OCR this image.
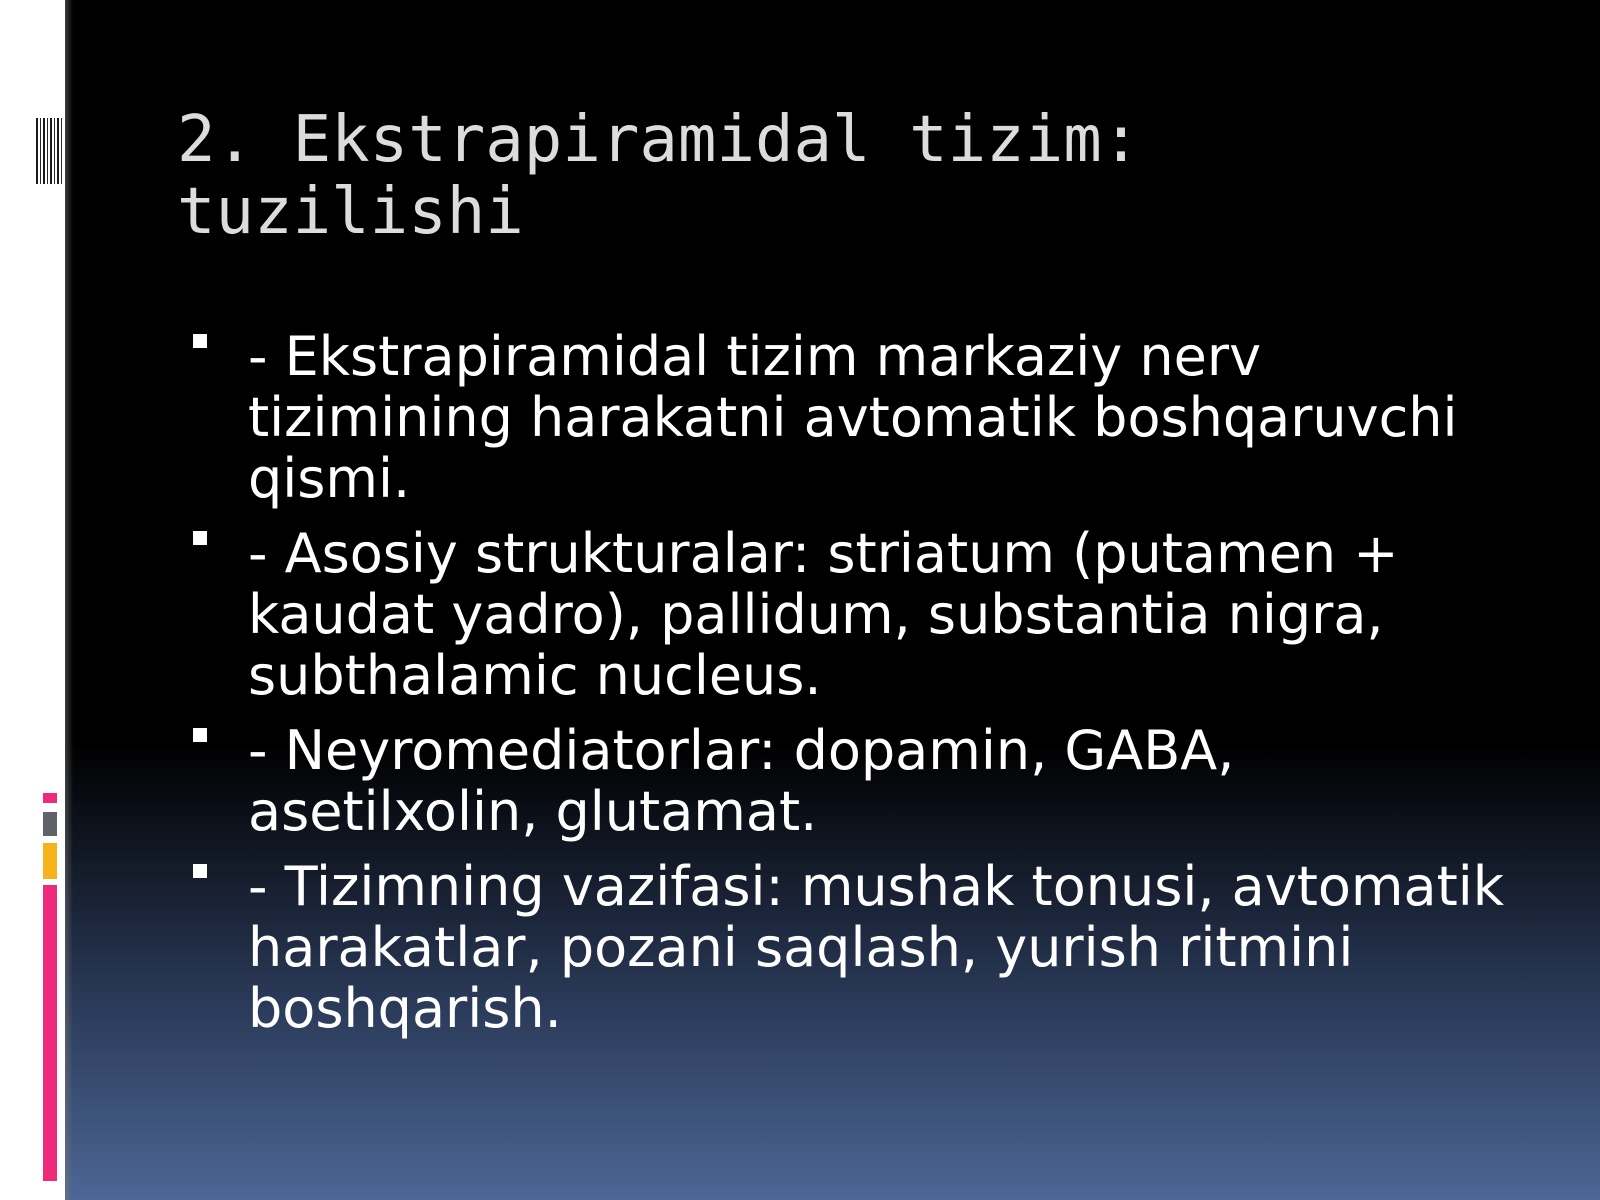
2. Ekstrapiramidal tizim:
tuzilishi
- Ekstrapiramidal tizim markaziy nerv tizimining harakatni avtomatik boshqaruvchi qismi.
- Asosiy strukturalar: striatum (putamen + kaudat yadro), pallidum, substantia nigra, subthalamic nucleus.
- Neyromediatorlar: dopamin, GABA, asetilxolin, glutamat.
- Tizimning vazifasi: mushak tonusi, avtomatik harakatlar, pozani saqlash, yurish ritmini boshqarish.
